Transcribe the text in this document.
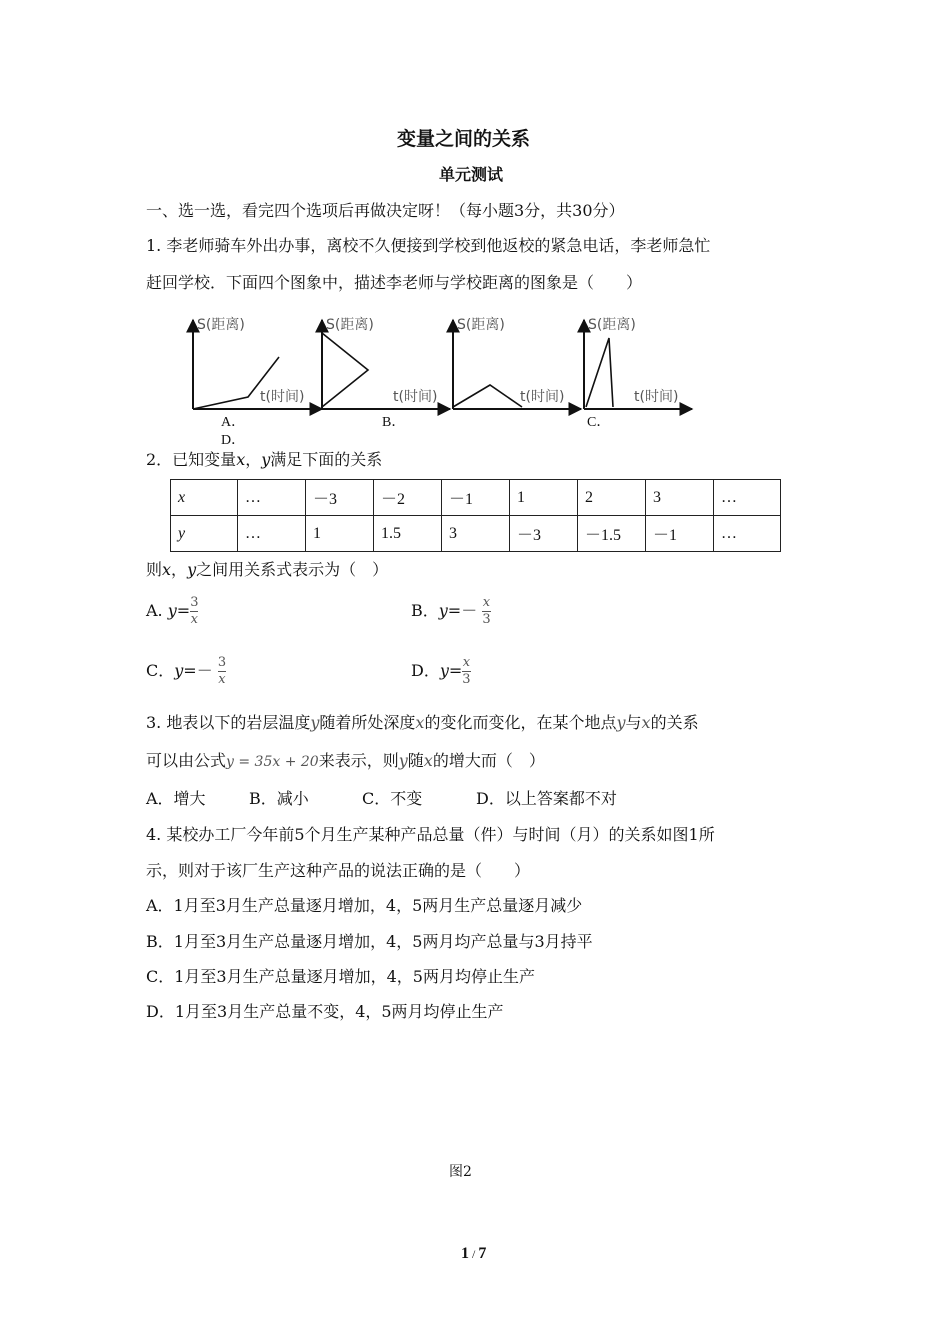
变量之间的关系
单元测试
一、选一选，看完四个选项后再做决定呀！（每小题3分，共30分）
1. 李老师骑车外出办事，离校不久便接到学校到他返校的紧急电话，李老师急忙
赶回学校．下面四个图象中，描述李老师与学校距离的图象是（　　）
S(距离)
t(时间)
A．
D．
S(距离)
t(时间)
B．
S(距离)
t(时间)
S(距离)
t(时间)
C．
2．已知变量x，y满足下面的关系
x	…	－3	－2	－1	1	2	3	…
y	…	1	1.5	3	－3	－1.5	－1	…
则x，y之间用关系式表示为（　）
A. $y= \frac{3}{x}$	B．$y=- \frac{x}{3}$
C．$y=- \frac{3}{x}$	D．$y= \frac{x}{3}$
3. 地表以下的岩层温度y随着所处深度x的变化而变化，在某个地点y与x的关系
可以由公式y = 35x + 20来表示，则y随x的增大而（　）
A．增大	B．减小	C．不变	D．以上答案都不对
4. 某校办工厂今年前5个月生产某种产品总量（件）与时间（月）的关系如图1所
示，则对于该厂生产这种产品的说法正确的是（　　）
A．1月至3月生产总量逐月增加，4，5两月生产总量逐月减少
B．1月至3月生产总量逐月增加，4，5两月均产总量与3月持平
C．1月至3月生产总量逐月增加，4，5两月均停止生产
D．1月至3月生产总量不变，4，5两月均停止生产
图2
1 / 7
